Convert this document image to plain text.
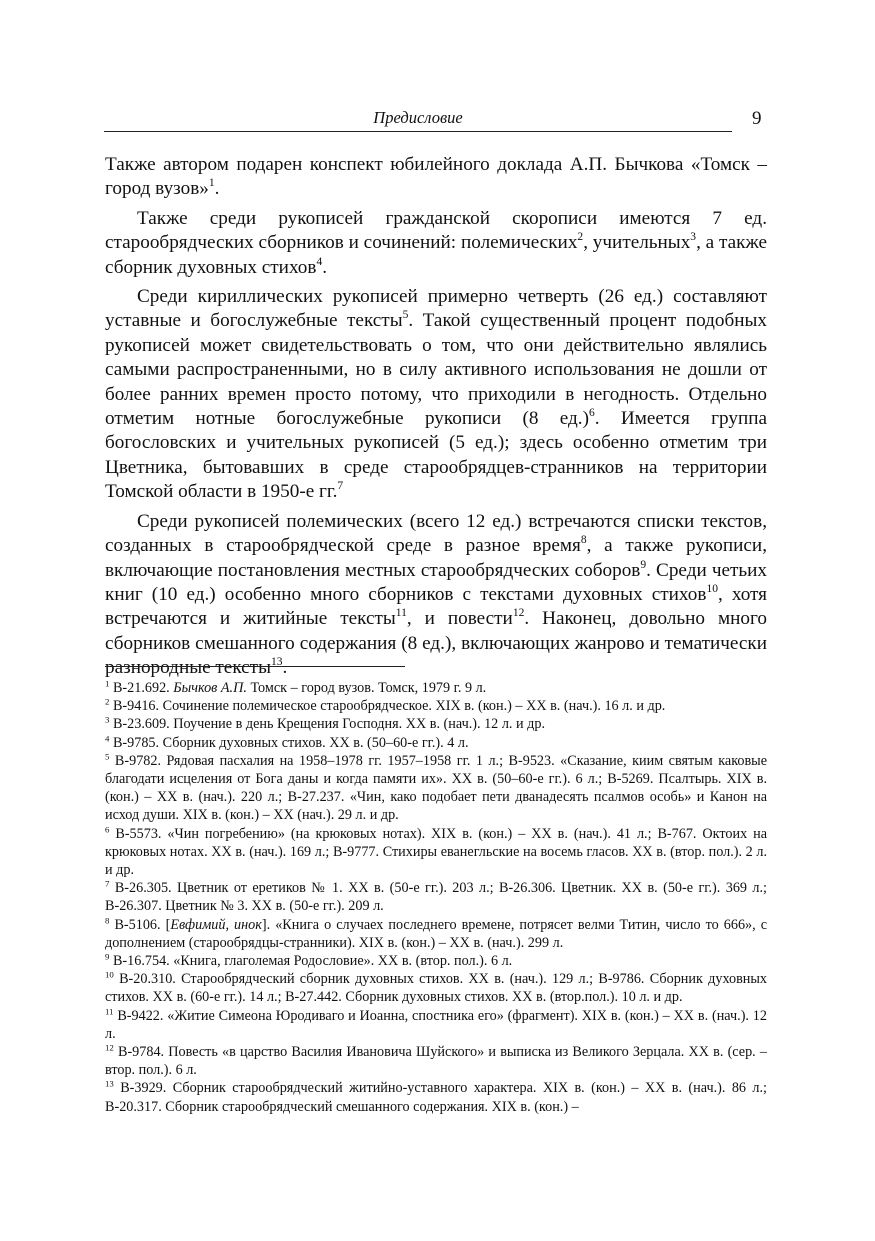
Предисловие	9

Также автором подарен конспект юбилейного доклада А.П. Бычкова «Томск – город вузов»$^1$.

Также среди рукописей гражданской скорописи имеются 7 ед. старообрядческих сборников и сочинений: полемических$^2$, учительных$^3$, а также сборник духовных стихов$^4$.

Среди кириллических рукописей примерно четверть (26 ед.) составляют уставные и богослужебные тексты$^5$. Такой существенный процент подобных рукописей может свидетельствовать о том, что они действительно являлись самыми распространенными, но в силу активного использования не дошли от более ранних времен просто потому, что приходили в негодность. Отдельно отметим нотные богослужебные рукописи (8 ед.)$^6$. Имеется группа богословских и учительных рукописей (5 ед.); здесь особенно отметим три Цветника, бытовавших в среде старообрядцев-странников на территории Томской области в 1950-е гг.$^7$

Среди рукописей полемических (всего 12 ед.) встречаются списки текстов, созданных в старообрядческой среде в разное время$^8$, а также рукописи, включающие постановления местных старообрядческих соборов$^9$. Среди четьих книг (10 ед.) особенно много сборников с текстами духовных стихов$^{10}$, хотя встречаются и житийные тексты$^{11}$, и повести$^{12}$. Наконец, довольно много сборников смешанного содержания (8 ед.), включающих жанрово и тематически разнородные тексты$^{13}$.

$^1$ В-21.692. Бычков А.П. Томск – город вузов. Томск, 1979 г. 9 л.

$^2$ В-9416. Сочинение полемическое старообрядческое. XIX в. (кон.) – XX в. (нач.). 16 л. и др.

$^3$ В-23.609. Поучение в день Крещения Господня. XX в. (нач.). 12 л. и др.

$^4$ В-9785. Сборник духовных стихов. XX в. (50–60-е гг.). 4 л.

$^5$ В-9782. Рядовая пасхалия на 1958–1978 гг. 1957–1958 гг. 1 л.; В-9523. «Сказание, киим святым каковые благодати исцеления от Бога даны и когда памяти их». XX в. (50–60-е гг.). 6 л.; В-5269. Псалтырь. XIX в. (кон.) – XX в. (нач.). 220 л.; В-27.237. «Чин, како подобает пети дванадесять псалмов особь» и Канон на исход души. XIX в. (кон.) – XX (нач.). 29 л. и др.

$^6$ В-5573. «Чин погребению» (на крюковых нотах). XIX в. (кон.) – XX в. (нач.). 41 л.; В-767. Октоих на крюковых нотах. XX в. (нач.). 169 л.; В-9777. Стихиры еванегльские на восемь гласов. XX в. (втор. пол.). 2 л. и др.

$^7$ В-26.305. Цветник от еретиков № 1. XX в. (50-е гг.). 203 л.; В-26.306. Цветник. XX в. (50-е гг.). 369 л.; В-26.307. Цветник № 3. XX в. (50-е гг.). 209 л.

$^8$ В-5106. [Евфимий, инок]. «Книга о случаех последнего времене, потрясет велми Титин, число то 666», с дополнением (старообрядцы-странники). XIX в. (кон.) – XX в. (нач.). 299 л.

$^9$ В-16.754. «Книга, глаголемая Родословие». XX в. (втор. пол.). 6 л.

$^{10}$ В-20.310. Старообрядческий сборник духовных стихов. XX в. (нач.). 129 л.; В-9786. Сборник духовных стихов. XX в. (60-е гг.). 14 л.; В-27.442. Сборник духовных стихов. XX в. (втор.пол.). 10 л. и др.

$^{11}$ В-9422. «Житие Симеона Юродиваго и Иоанна, спостника его» (фрагмент). XIX в. (кон.) – XX в. (нач.). 12 л.

$^{12}$ В-9784. Повесть «в царство Василия Ивановича Шуйского» и выписка из Великого Зерцала. XX в. (сер. – втор. пол.). 6 л.

$^{13}$ В-3929. Сборник старообрядческий житийно-уставного характера. XIX в. (кон.) – XX в. (нач.). 86 л.; В-20.317. Сборник старообрядческий смешанного содержания. XIX в. (кон.) –
